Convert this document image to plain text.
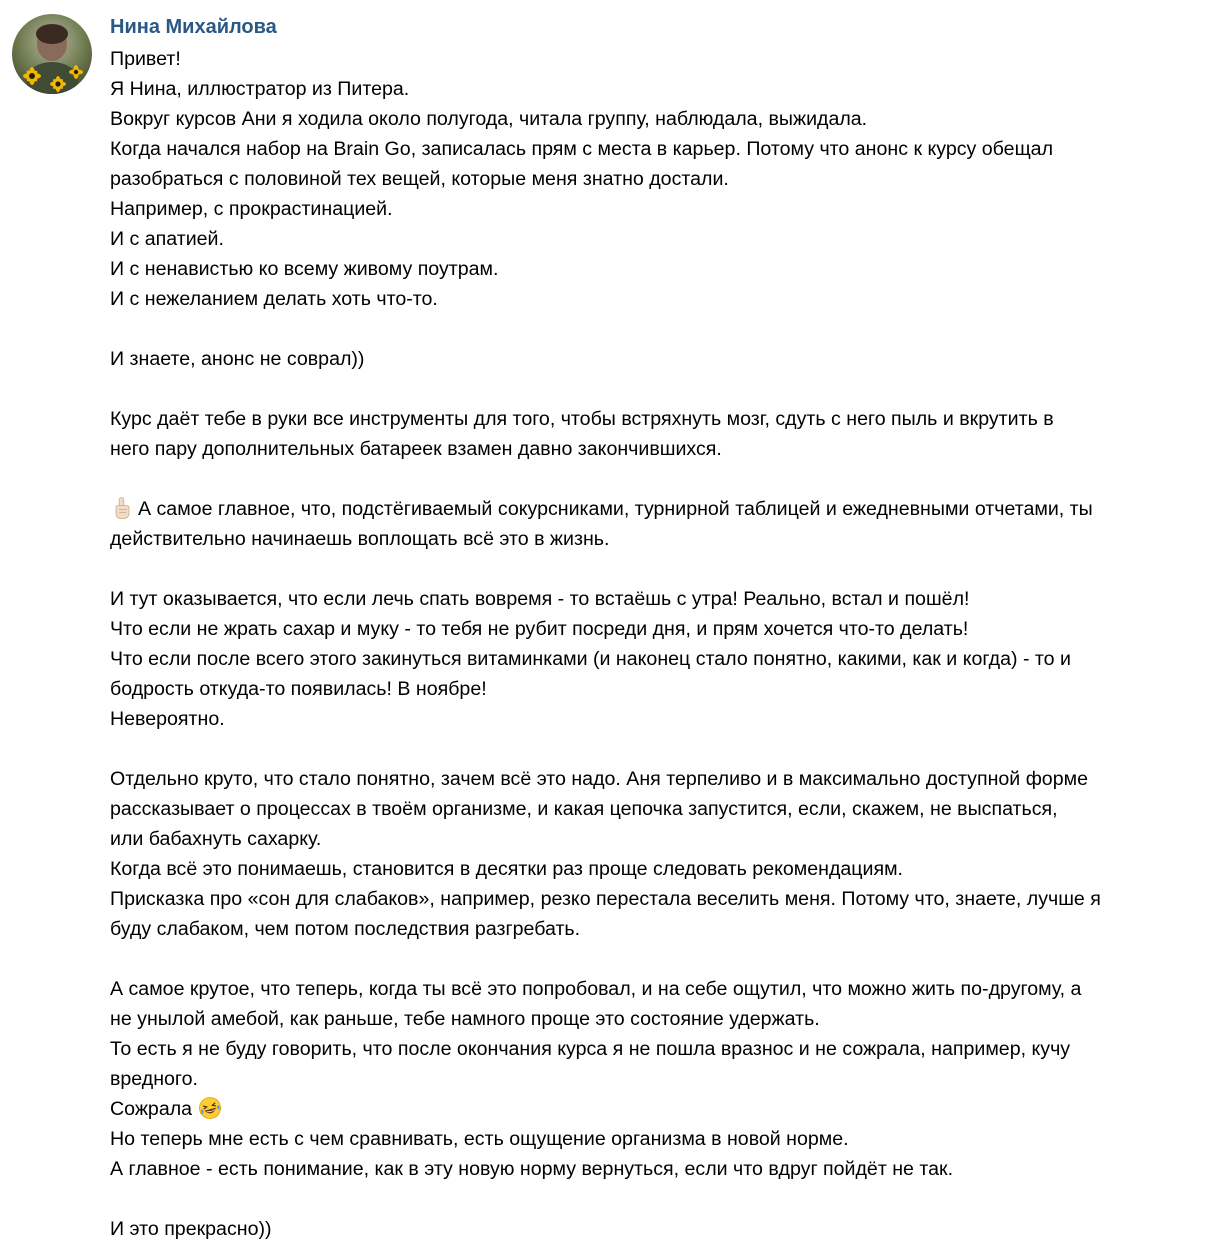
Нина Михайлова
Привет!
Я Нина, иллюстратор из Питера.
Вокруг курсов Ани я ходила около полугода, читала группу, наблюдала, выжидала.
Когда начался набор на Brain Go, записалась прям с места в карьер. Потому что анонс к курсу обещал
разобраться с половиной тех вещей, которые меня знатно достали.
Например, с прокрастинацией.
И с апатией.
И с ненавистью ко всему живому поутрам.
И с нежеланием делать хоть что-то.
И знаете, анонс не соврал))
Курс даёт тебе в руки все инструменты для того, чтобы встряхнуть мозг, сдуть с него пыль и вкрутить в
него пару дополнительных батареек взамен давно закончившихся.
А самое главное, что, подстёгиваемый сокурсниками, турнирной таблицей и ежедневными отчетами, ты
действительно начинаешь воплощать всё это в жизнь.
И тут оказывается, что если лечь спать вовремя - то встаёшь с утра! Реально, встал и пошёл!
Что если не жрать сахар и муку - то тебя не рубит посреди дня, и прям хочется что-то делать!
Что если после всего этого закинуться витаминками (и наконец стало понятно, какими, как и когда) - то и
бодрость откуда-то появилась! В ноябре!
Невероятно.
Отдельно круто, что стало понятно, зачем всё это надо. Аня терпеливо и в максимально доступной форме
рассказывает о процессах в твоём организме, и какая цепочка запустится, если, скажем, не выспаться,
или бабахнуть сахарку.
Когда всё это понимаешь, становится в десятки раз проще следовать рекомендациям.
Присказка про «сон для слабаков», например, резко перестала веселить меня. Потому что, знаете, лучше я
буду слабаком, чем потом последствия разгребать.
А самое крутое, что теперь, когда ты всё это попробовал, и на себе ощутил, что можно жить по-другому, а
не унылой амебой, как раньше, тебе намного проще это состояние удержать.
То есть я не буду говорить, что после окончания курса я не пошла вразнос и не сожрала, например, кучу
вредного.
Сожрала
Но теперь мне есть с чем сравнивать, есть ощущение организма в новой норме.
А главное - есть понимание, как в эту новую норму вернуться, если что вдруг пойдёт не так.
И это прекрасно))
